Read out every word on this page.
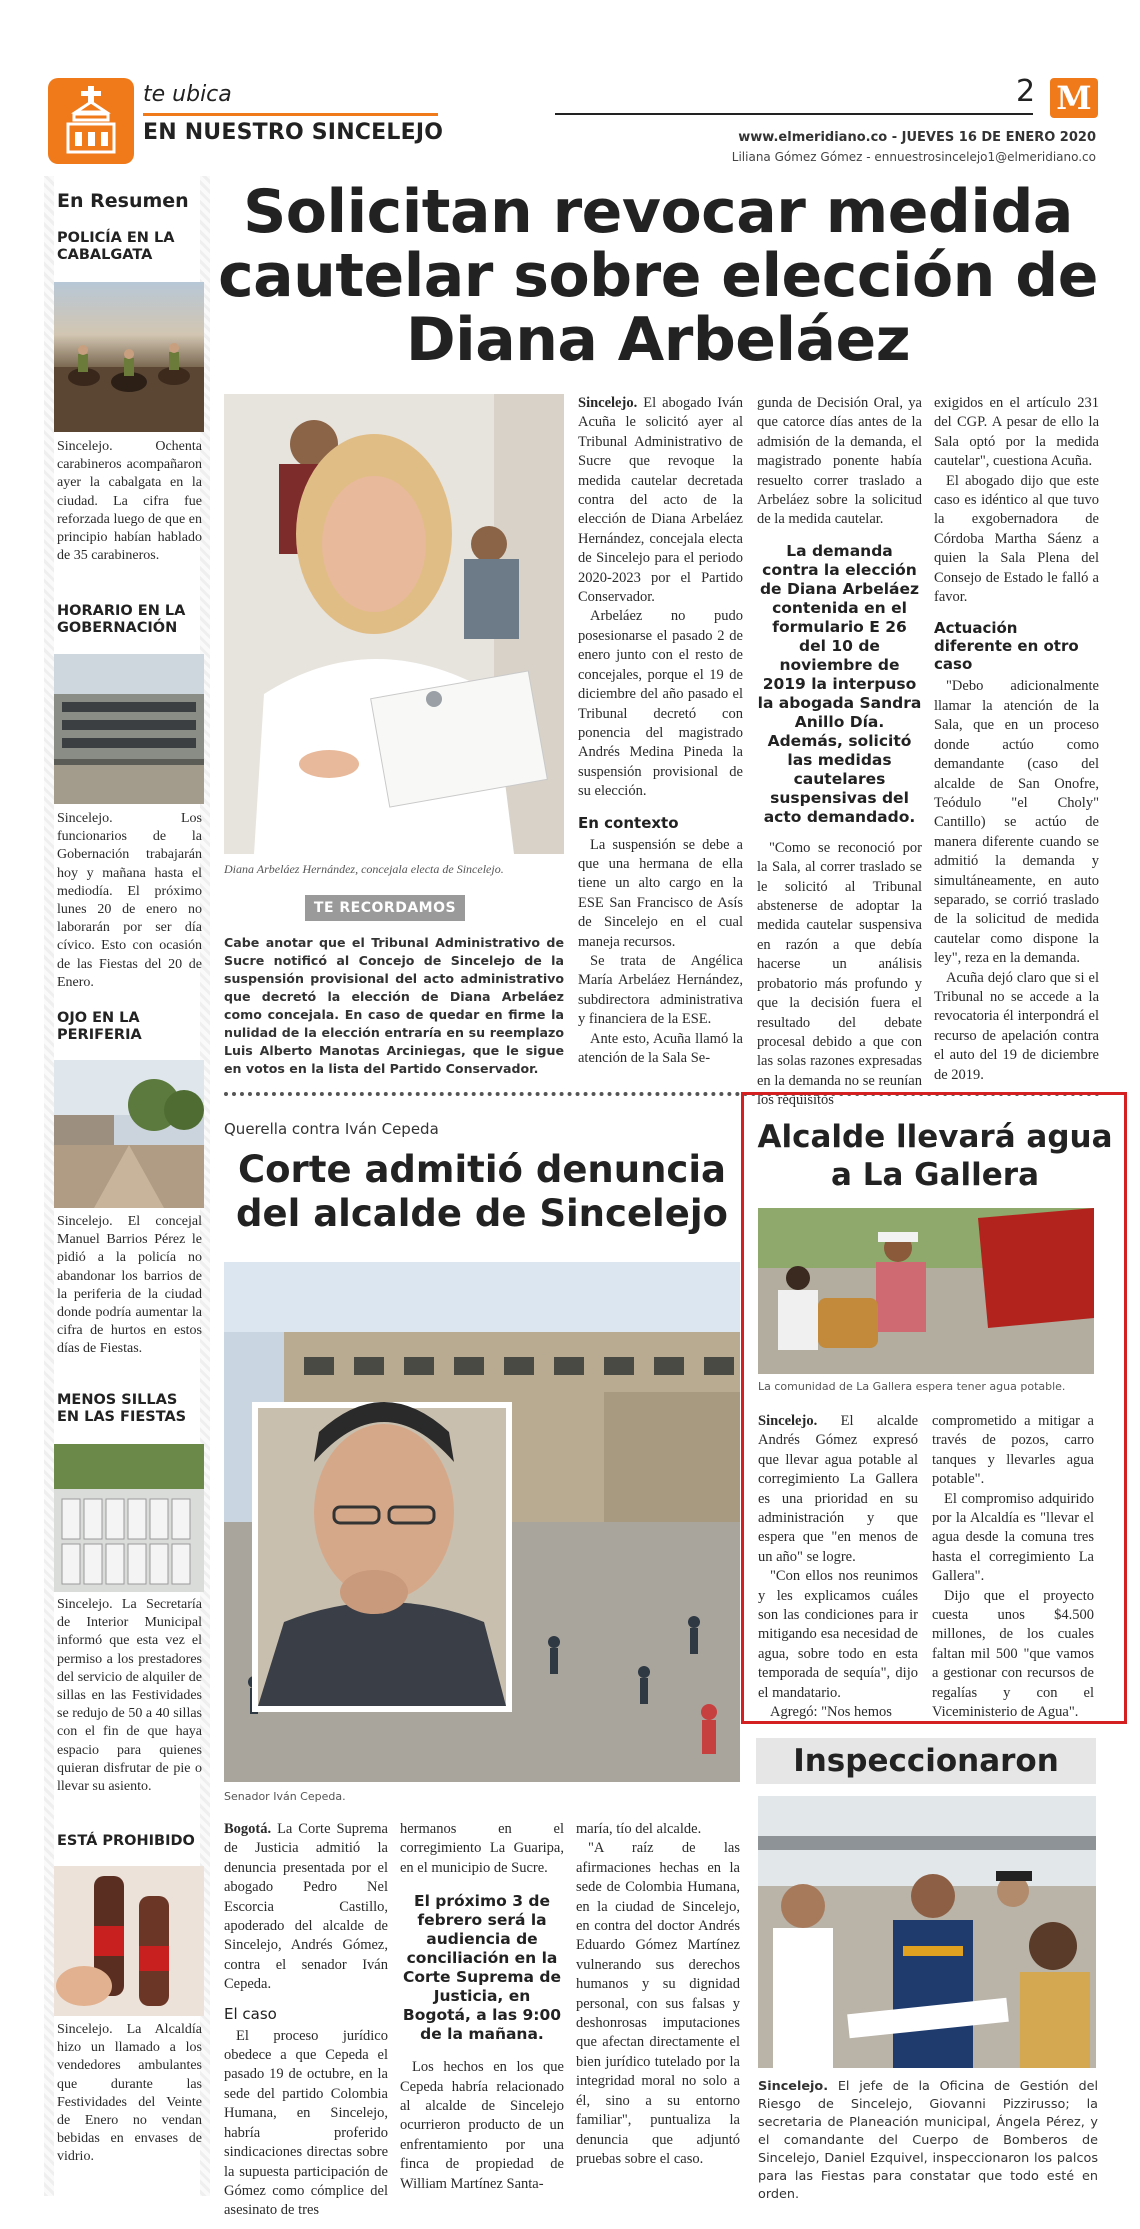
te ubica
EN NUESTRO SINCELEJO
2 M
www.elmeridiano.co - JUEVES 16 DE ENERO 2020
Liliana Gómez Gómez - ennuestrosincelejo1@elmeridiano.co
En Resumen
POLICÍA EN LA CABALGATA

Sincelejo. Ochenta carabineros acompañaron ayer la cabalgata en la ciudad. La cifra fue reforzada luego de que en principio habían hablado de 35 carabineros.

HORARIO EN LA GOBERNACIÓN

Sincelejo. Los funcionarios de la Gobernación trabajarán hoy y mañana hasta el mediodía. El próximo lunes 20 de enero no laborarán por ser día cívico. Esto con ocasión de las Fiestas del 20 de Enero.

OJO EN LA PERIFERIA

Sincelejo. El concejal Manuel Barrios Pérez le pidió a la policía no abandonar los barrios de la periferia de la ciudad donde podría aumentar la cifra de hurtos en estos días de Fiestas.

MENOS SILLAS EN LAS FIESTAS

Sincelejo. La Secretaría de Interior Municipal informó que esta vez el permiso a los prestadores del servicio de alquiler de sillas en las Festividades se redujo de 50 a 40 sillas con el fin de que haya espacio para quienes quieran disfrutar de pie o llevar su asiento.

ESTÁ PROHIBIDO

Sincelejo. La Alcaldía hizo un llamado a los vendedores ambulantes que durante las Festividades del Veinte de Enero no vendan bebidas en envases de vidrio.

Solicitan revocar medida cautelar sobre elección de Diana Arbeláez
Diana Arbeláez Hernández, concejala electa de Sincelejo.
TE RECORDAMOS

Cabe anotar que el Tribunal Administrativo de Sucre notificó al Concejo de Sincelejo de la suspensión provisional del acto administrativo que decretó la elección de Diana Arbeláez como concejala. En caso de quedar en firme la nulidad de la elección entraría en su reemplazo Luis Alberto Manotas Arciniegas, que le sigue en votos en la lista del Partido Conservador.

Sincelejo. El abogado Iván Acuña le solicitó ayer al Tribunal Administrativo de Sucre que revoque la medida cautelar decretada contra del acto de la elección de Diana Arbeláez Hernández, concejala electa de Sincelejo para el periodo 2020-2023 por el Partido Conservador.

Arbeláez no pudo posesionarse el pasado 2 de enero junto con el resto de concejales, porque el 19 de diciembre del año pasado el Tribunal decretó con ponencia del magistrado Andrés Medina Pineda la suspensión provisional de su elección.

En contexto

La suspensión se debe a que una hermana de ella tiene un alto cargo en la ESE San Francisco de Asís de Sincelejo en el cual maneja recursos.

Se trata de Angélica María Arbeláez Hernández, subdirectora administrativa y financiera de la ESE.

Ante esto, Acuña llamó la atención de la Sala Se-

gunda de Decisión Oral, ya que catorce días antes de la admisión de la demanda, el magistrado ponente había resuelto correr traslado a Arbeláez sobre la solicitud de la medida cautelar.

La demanda contra la elección de Diana Arbeláez contenida en el formulario E 26 del 10 de noviembre de 2019 la interpuso la abogada Sandra Anillo Día. Además, solicitó las medidas cautelares suspensivas del acto demandado.

"Como se reconoció por la Sala, al correr traslado se le solicitó al Tribunal abstenerse de adoptar la medida cautelar suspensiva en razón a que debía hacerse un análisis probatorio más profundo y que la decisión fuera el resultado del debate procesal debido a que con las solas razones expresadas en la demanda no se reunían los requisitos

exigidos en el artículo 231 del CGP. A pesar de ello la Sala optó por la medida cautelar", cuestiona Acuña.

El abogado dijo que este caso es idéntico al que tuvo la exgobernadora de Córdoba Martha Sáenz a quien la Sala Plena del Consejo de Estado le falló a favor.

Actuación diferente en otro caso

"Debo adicionalmente llamar la atención de la Sala, que en un proceso donde actúo como demandante (caso del alcalde de San Onofre, Teódulo "el Choly" Cantillo) se actúo de manera diferente cuando se admitió la demanda y simultáneamente, en auto separado, se corrió traslado de la solicitud de medida cautelar como dispone la ley", reza en la demanda.

Acuña dejó claro que si el Tribunal no se accede a la revocatoria él interpondrá el recurso de apelación contra el auto del 19 de diciembre de 2019.

Querella contra Iván Cepeda
Corte admitió denuncia del alcalde de Sincelejo
Senador Iván Cepeda.

Bogotá. La Corte Suprema de Justicia admitió la denuncia presentada por el abogado Pedro Nel Escorcia Castillo, apoderado del alcalde de Sincelejo, Andrés Gómez, contra el senador Iván Cepeda.

El caso

El proceso jurídico obedece a que Cepeda el pasado 19 de octubre, en la sede del partido Colombia Humana, en Sincelejo, habría proferido sindicaciones directas sobre la supuesta participación de Gómez como cómplice del asesinato de tres

hermanos en el corregimiento La Guaripa, en el municipio de Sucre.

El próximo 3 de febrero será la audiencia de conciliación en la Corte Suprema de Justicia, en Bogotá, a las 9:00 de la mañana.

Los hechos en los que Cepeda habría relacionado al alcalde de Sincelejo ocurrieron producto de un enfrentamiento por una finca de propiedad de William Martínez Santa-

maría, tío del alcalde.

"A raíz de las afirmaciones hechas en la sede de Colombia Humana, en la ciudad de Sincelejo, en contra del doctor Andrés Eduardo Gómez Martínez vulnerando sus derechos humanos y su dignidad personal, con sus falsas y deshonrosas imputaciones que afectan directamente el bien jurídico tutelado por la integridad moral no solo a él, sino a su entorno familiar", puntualiza la denuncia que adjuntó pruebas sobre el caso.

Alcalde llevará agua a La Gallera
La comunidad de La Gallera espera tener agua potable.

Sincelejo. El alcalde Andrés Gómez expresó que llevar agua potable al corregimiento La Gallera es una prioridad en su administración y que espera que "en menos de un año" se logre.

"Con ellos nos reunimos y les explicamos cuáles son las condiciones para ir mitigando esa necesidad de agua, sobre todo en esta temporada de sequía", dijo el mandatario.

Agregó: "Nos hemos

comprometido a mitigar a través de pozos, carro tanques y llevarles agua potable".

El compromiso adquirido por la Alcaldía es "llevar el agua desde la comuna tres hasta el corregimiento La Gallera".

Dijo que el proyecto cuesta unos $4.500 millones, de los cuales faltan mil 500 "que vamos a gestionar con recursos de regalías y con el Viceministerio de Agua".

Inspeccionaron

Sincelejo. El jefe de la Oficina de Gestión del Riesgo de Sincelejo, Giovanni Pizzirusso; la secretaria de Planeación municipal, Ángela Pérez, y el comandante del Cuerpo de Bomberos de Sincelejo, Daniel Ezquivel, inspeccionaron los palcos para las Fiestas para constatar que todo esté en orden.
